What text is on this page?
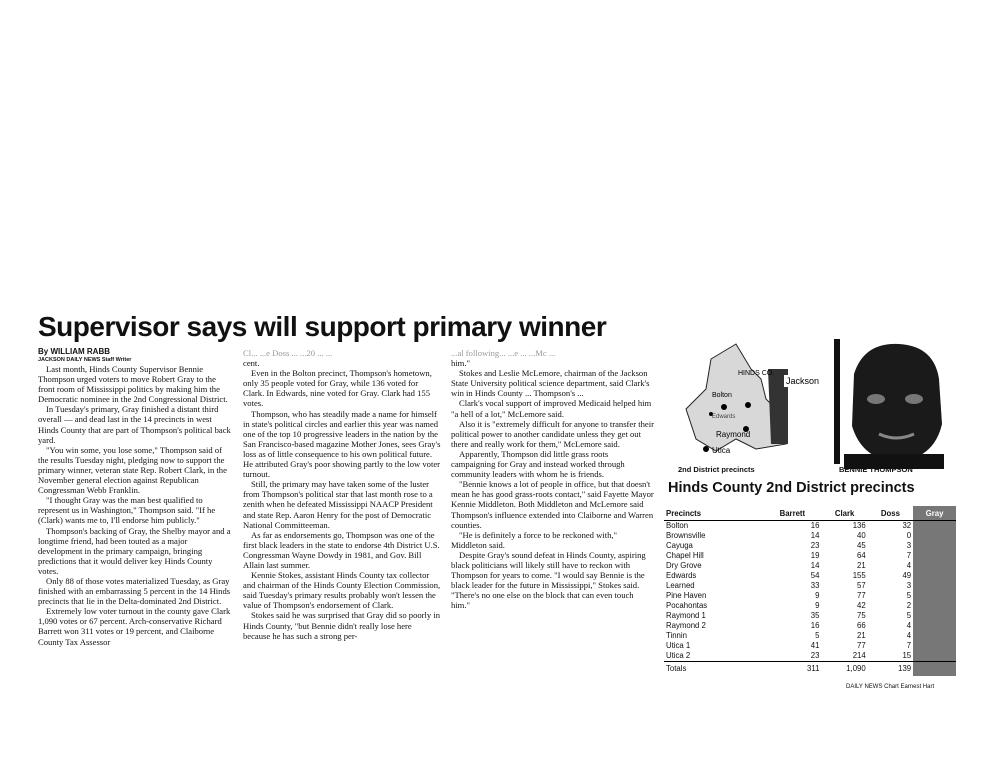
Supervisor says will support primary winner
By WILLIAM RABB
JACKSON DAILY NEWS Staff Writer

Last month, Hinds County Supervisor Bennie Thompson urged voters to move Robert Gray to the front room of Mississippi politics by making him the Democratic nominee in the 2nd Congressional District.

In Tuesday's primary, Gray finished a distant third overall — and dead last in the 14 precincts in west Hinds County that are part of Thompson's political back yard.

"You win some, you lose some," Thompson said of the results Tuesday night, pledging now to support the primary winner, veteran state Rep. Robert Clark, in the November general election against Republican Congressman Webb Franklin.

"I thought Gray was the man best qualified to represent us in Washington," Thompson said. "If he (Clark) wants me to, I'll endorse him publicly."

Thompson's backing of Gray, the Shelby mayor and a longtime friend, had been touted as a major development in the primary campaign, bringing predictions that it would deliver key Hinds County votes.

Only 88 of those votes materialized Tuesday, as Gray finished with an embarrassing 5 percent in the 14 Hinds precincts that lie in the Delta-dominated 2nd District.

Extremely low voter turnout in the county gave Clark 1,090 votes or 67 percent. Arch-conservative Richard Barrett won 311 votes or 19 percent, and Claiborne County Tax Assessor

Cl... ...e Doss ... ...20 ... ...

cent.

Even in the Bolton precinct, Thompson's hometown, only 35 people voted for Gray, while 136 voted for Clark. In Edwards, nine voted for Gray. Clark had 155 votes.

Thompson, who has steadily made a name for himself in state's political circles and earlier this year was named one of the top 10 progressive leaders in the nation by the San Francisco-based magazine Mother Jones, sees Gray's loss as of little consequence to his own political future. He attributed Gray's poor showing partly to the low voter turnout.

Still, the primary may have taken some of the luster from Thompson's political star that last month rose to a zenith when he defeated Mississippi NAACP President and state Rep. Aaron Henry for the post of Democratic National Committeeman.

As far as endorsements go, Thompson was one of the first black leaders in the state to endorse 4th District U.S. Congressman Wayne Dowdy in 1981, and Gov. Bill Allain last summer.

Kennie Stokes, assistant Hinds County tax collector and chairman of the Hinds County Election Commission, said Tuesday's primary results probably won't lessen the value of Thompson's endorsement of Clark.

Stokes said he was surprised that Gray did so poorly in Hinds County, "but Bennie didn't really lose here because he has such a strong per-

...al following... ...e ... ...Mc ...

him."

Stokes and Leslie McLemore, chairman of the Jackson State University political science department, said Clark's win in Hinds County ... Thompson's ...

Clark's vocal support of improved Medicaid helped him "a hell of a lot," McLemore said.

Also it is "extremely difficult for anyone to transfer their political power to another candidate unless they get out there and really work for them," McLemore said.

Apparently, Thompson did little grass roots campaigning for Gray and instead worked through community leaders with whom he is friends.

"Bennie knows a lot of people in office, but that doesn't mean he has good grass-roots contact," said Fayette Mayor Kennie Middleton. Both Middleton and McLemore said Thompson's influence extended into Claiborne and Warren counties.

"He is definitely a force to be reckoned with," Middleton said.

Despite Gray's sound defeat in Hinds County, aspiring black politicians will likely still have to reckon with Thompson for years to come. "I would say Bennie is the black leader for the future in Mississippi," Stokes said. "There's no one else on the block that can even touch him."

HINDS CO.
Jackson
Bolton
Edwards
Raymond
Utica
2nd District precincts	BENNIE THOMPSON
Hinds County 2nd District precincts
Precincts	Barrett	Clark	Doss	Gray
Bolton	16	136	32	
Brownsville	14	40	0	
Cayuga	23	45	3	
Chapel Hill	19	64	7	
Dry Grove	14	21	4	
Edwards	54	155	49	
Learned	33	57	3	
Pine Haven	9	77	5	
Pocahontas	9	42	2	
Raymond 1	35	75	5	
Raymond 2	16	66	4	
Tinnin	5	21	4	
Utica 1	41	77	7	
Utica 2	23	214	15	
Totals	311	1,090	139	
DAILY NEWS Chart Earnest Hart
